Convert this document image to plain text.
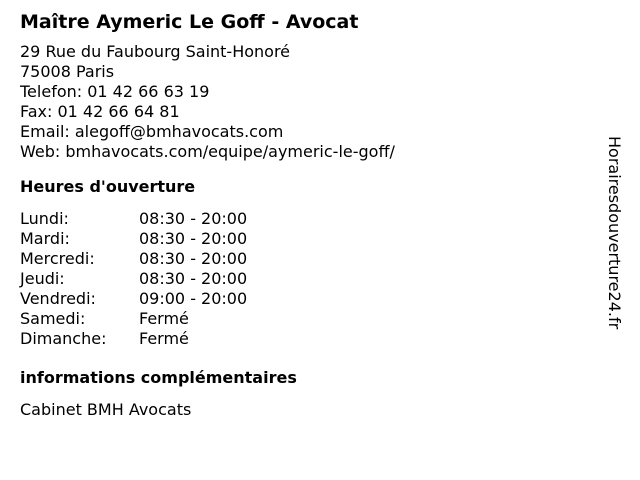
Maître Aymeric Le Goff - Avocat
29 Rue du Faubourg Saint-Honoré
75008 Paris
Telefon: 01 42 66 63 19
Fax: 01 42 66 64 81
Email: alegoff@bmhavocats.com
Web: bmhavocats.com/equipe/aymeric-le-goff/
Heures d'ouverture
Lundi:	08:30 - 20:00
Mardi:	08:30 - 20:00
Mercredi:	08:30 - 20:00
Jeudi:	08:30 - 20:00
Vendredi:	09:00 - 20:00
Samedi:	Fermé
Dimanche:	Fermé
informations complémentaires
Cabinet BMH Avocats
Horairesdouverture24.fr
